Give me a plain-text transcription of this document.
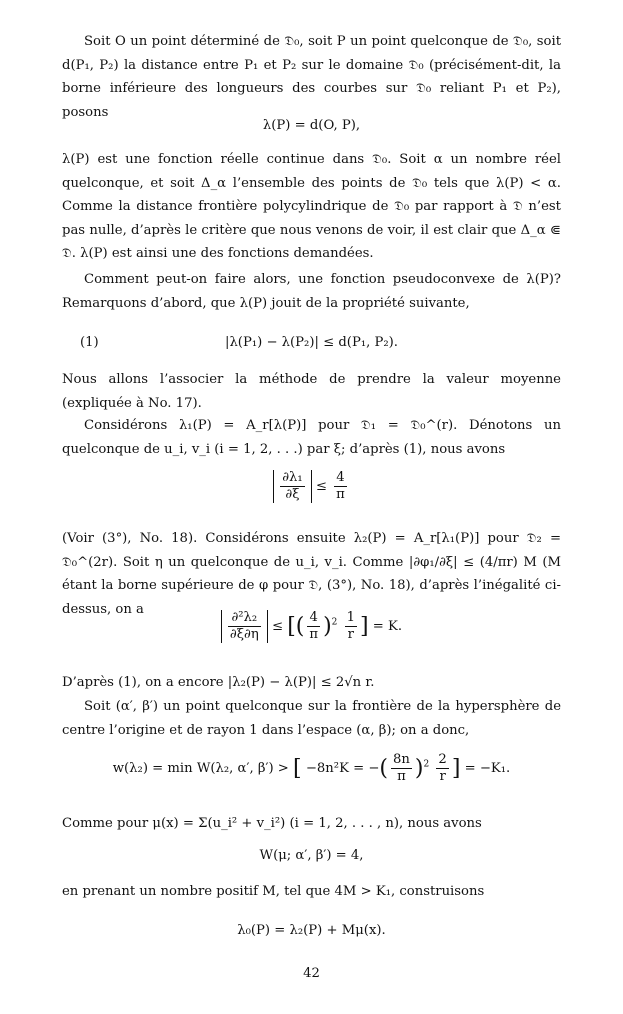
Soit O un point déterminé de 𝔇₀, soit P un point quelconque de 𝔇₀, soit d(P₁, P₂) la distance entre P₁ et P₂ sur le domaine 𝔇₀ (précisément-dit, la borne inférieure des longueurs des courbes sur 𝔇₀ reliant P₁ et P₂), posons

λ(P) = d(O, P),

λ(P) est une fonction réelle continue dans 𝔇₀. Soit α un nombre réel quelconque, et soit Δ_α l’ensemble des points de 𝔇₀ tels que λ(P) < α. Comme la distance frontière polycylindrique de 𝔇₀ par rapport à 𝔇 n’est pas nulle, d’après le critère que nous venons de voir, il est clair que Δ_α ⋐ 𝔇. λ(P) est ainsi une des fonctions demandées.

Comment peut-on faire alors, une fonction pseudoconvexe de λ(P)? Remarquons d’abord, que λ(P) jouit de la propriété suivante,

(1)	|λ(P₁) − λ(P₂)| ≤ d(P₁, P₂).

Nous allons l’associer la méthode de prendre la valeur moyenne (expliquée à No. 17).

Considérons λ₁(P) = A_r[λ(P)] pour 𝔇₁ = 𝔇₀^(r). Dénotons un quelconque de u_i, v_i (i = 1, 2, . . .) par ξ; d’après (1), nous avons

$\frac{\text{∂λ₁}}{\partial\xi} \le \frac{4}{\pi}$

(Voir (3°), No. 18). Considérons ensuite λ₂(P) = A_r[λ₁(P)] pour 𝔇₂ = 𝔇₀^(2r). Soit η un quelconque de u_i, v_i. Comme |∂φ₁/∂ξ| ≤ (4/πr) M (M étant la borne supérieure de φ pour 𝔇, (3°), No. 18), d’après l’inégalité ci-dessus, on a

$\frac{\text{∂²λ₂}}{\partial\xi\partial\eta}$ ≤ [( $\frac{4}{\pi} )^2 \frac{1}{r}$ ] = K.

D’après (1), on a encore |λ₂(P) − λ(P)| ≤ 2√n r.

Soit (α′, β′) un point quelconque sur la frontière de la hypersphère de centre l’origine et de rayon 1 dans l’espace (α, β); on a donc,

w(λ₂) = min W(λ₂, α′, β′) > [ −8n²K = −( $\frac{8n}{\pi} )^2 \frac{2}{r}$ ] = −K₁.

Comme pour μ(x) = Σ(u_i² + v_i²) (i = 1, 2, . . . , n), nous avons

W(μ; α′, β′) = 4,

en prenant un nombre positif M, tel que 4M > K₁, construisons

λ₀(P) = λ₂(P) + Mμ(x).

42
